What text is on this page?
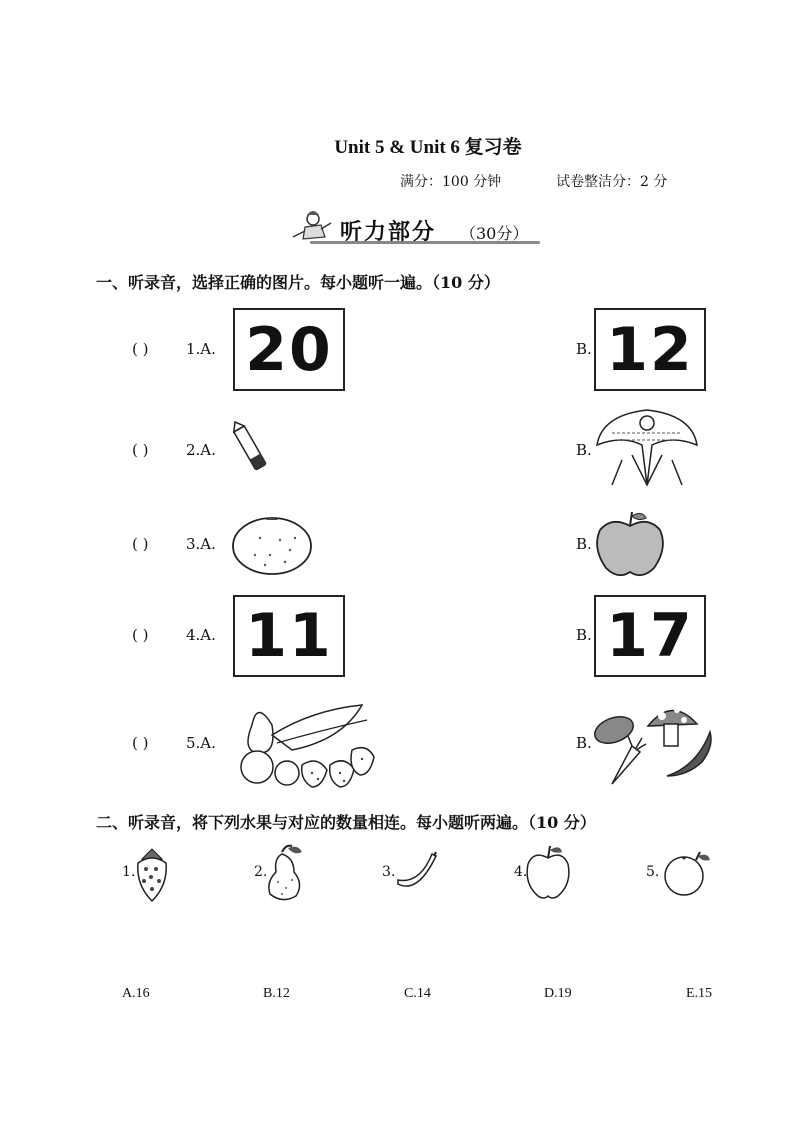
Unit 5 & Unit 6 复习卷
满分：100 分钟	试卷整洁分：2 分
听力部分 （30分）
一、听录音，选择正确的图片。每小题听一遍。（10 分）
( )	1.A. 20	B. 12
( )	2.A.	B.
( )	3.A.	B.
( )	4.A. 11	B. 17
( )	5.A.	B.
二、听录音，将下列水果与对应的数量相连。每小题听两遍。（10 分）
1.	2.	3.	4.	5.
A.16	B.12	C.14	D.19	E.15
